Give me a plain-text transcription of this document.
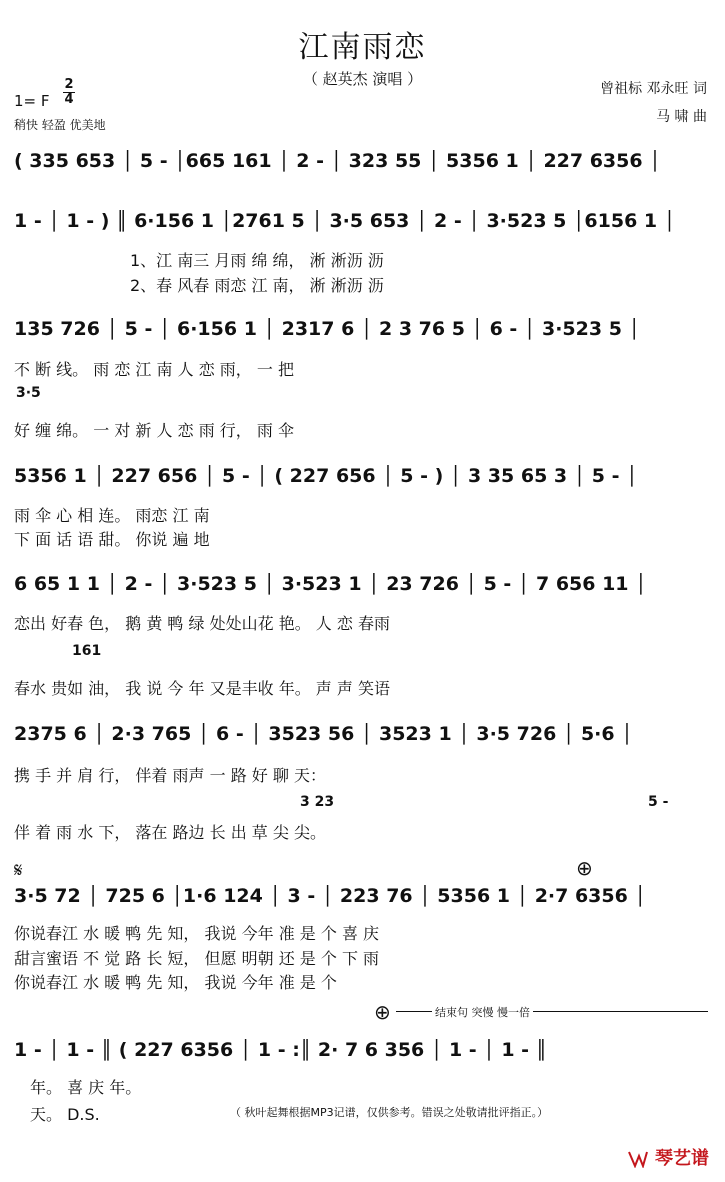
江南雨恋
（ 赵英杰 演唱 ）
1= F
2
4
稍快 轻盈 优美地
曾祖标 邓永旺 词
马 啸 曲
( 335 653 │ 5 - │665 161 │ 2 - │ 323 55 │ 5356 1 │ 227 6356 │
1 - │ 1 - ) ║ 6·156 1 │2761 5 │ 3·5 653 │ 2 - │ 3·523 5 │6156 1 │
1、江 南三 月雨 绵 绵， 淅 淅沥 沥
2、春 风春 雨恋 江 南， 淅 淅沥 沥
135 726 │ 5 - │ 6·156 1 │ 2317 6 │ 2 3 76 5 │ 6 - │ 3·523 5 │
不 断 线。 雨 恋 江 南 人 恋 雨， 一 把
3·5
好 缠 绵。 一 对 新 人 恋 雨 行， 雨 伞
5356 1 │ 227 656 │ 5 - │ ( 227 656 │ 5 - ) │ 3 35 65 3 │ 5 - │
雨 伞 心 相 连。 雨恋 江 南
下 面 话 语 甜。 你说 遍 地
6 65 1 1 │ 2 - │ 3·523 5 │ 3·523 1 │ 23 726 │ 5 - │ 7 656 11 │
恋出 好春 色， 鹅 黄 鸭 绿 处处山花 艳。 人 恋 春雨
161
春水 贵如 油， 我 说 今 年 又是丰收 年。 声 声 笑语
2375 6 │ 2·3 765 │ 6 - │ 3523 56 │ 3523 1 │ 3·5 726 │ 5·6 │
携 手 并 肩 行， 伴着 雨声 一 路 好 聊 天：
3 23	5 -
伴 着 雨 水 下， 落在 路边 长 出 草 尖 尖。
𝄋	⊕
3·5 72 │ 725 6 │1·6 124 │ 3 - │ 223 76 │ 5356 1 │ 2·7 6356 │
你说春江 水 暖 鸭 先 知， 我说 今年 准 是 个 喜 庆
甜言蜜语 不 觉 路 长 短， 但愿 明朝 还 是 个 下 雨
你说春江 水 暖 鸭 先 知， 我说 今年 准 是 个
⊕	结束句 突慢 慢一倍
1 - │ 1 - ║ ( 227 6356 │ 1 - :║ 2· 7 6 356 │ 1 - │ 1 - ║
年。 喜 庆 年。
天。 D.S.	（ 秋叶起舞根据MP3记谱，仅供参考。错误之处敬请批评指正。）
琴艺谱
